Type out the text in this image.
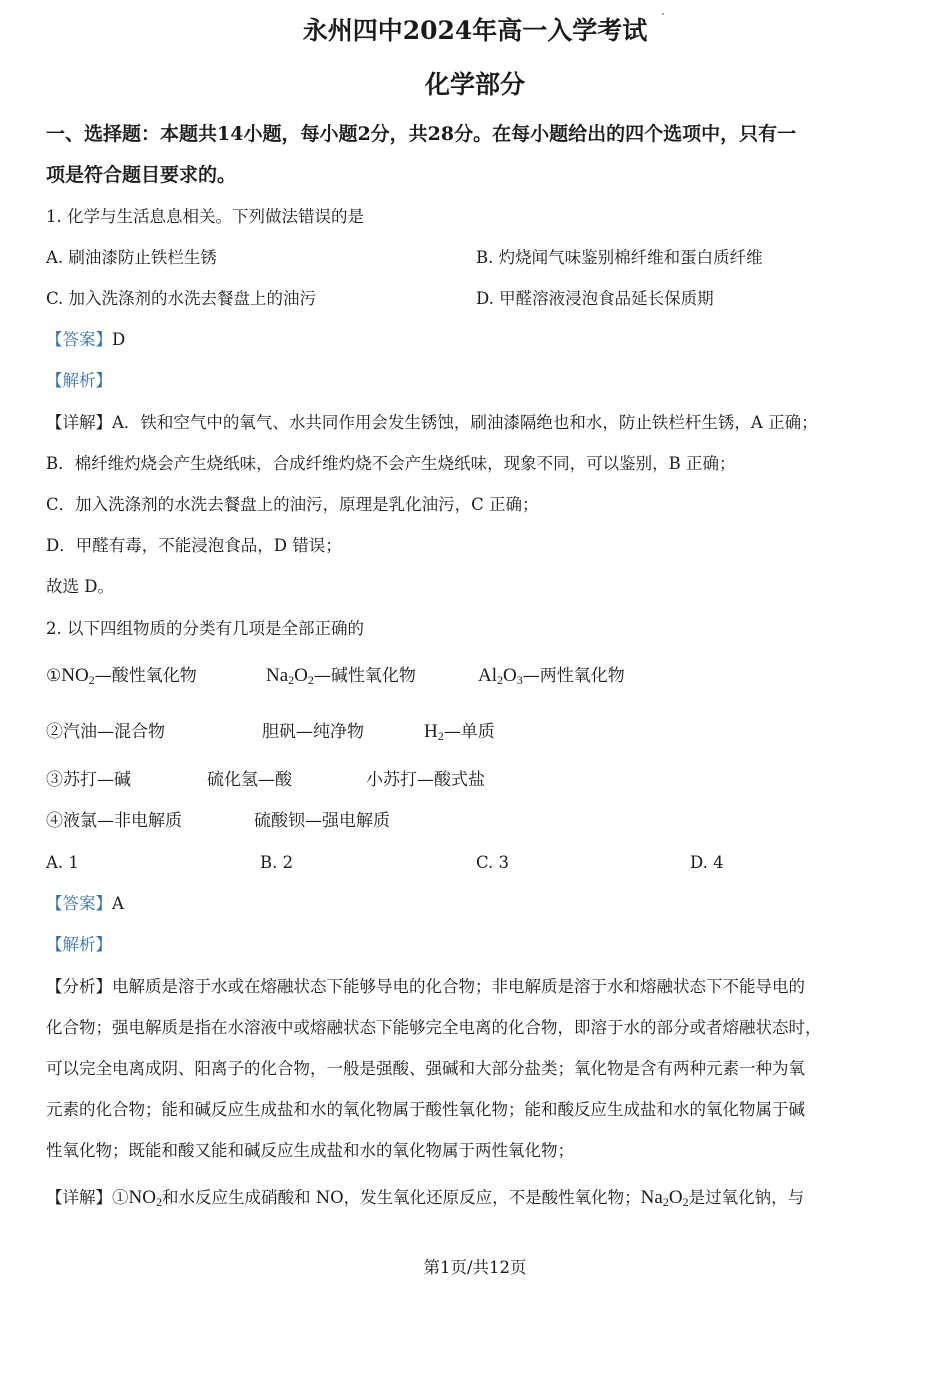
永州四中2024年高一入学考试
化学部分
一、选择题：本题共14小题，每小题2分，共28分。在每小题给出的四个选项中，只有一
项是符合题目要求的。
1. 化学与生活息息相关。下列做法错误的是
A. 刷油漆防止铁栏生锈	B. 灼烧闻气味鉴别棉纤维和蛋白质纤维
C. 加入洗涤剂的水洗去餐盘上的油污	D. 甲醛溶液浸泡食品延长保质期
【答案】D
【解析】
【详解】A．铁和空气中的氧气、水共同作用会发生锈蚀，刷油漆隔绝也和水，防止铁栏杆生锈，A 正确；
B．棉纤维灼烧会产生烧纸味，合成纤维灼烧不会产生烧纸味，现象不同，可以鉴别，B 正确；
C．加入洗涤剂的水洗去餐盘上的油污，原理是乳化油污，C 正确；
D．甲醛有毒，不能浸泡食品，D 错误；
故选 D。
2. 以下四组物质的分类有几项是全部正确的
$①NO_2—$酸性氧化物	$Na_2O_2—$碱性氧化物	$Al_2O_3—$两性氧化物
②汽油—混合物	胆矾—纯净物	$H_2—$单质
③苏打—碱	硫化氢—酸	小苏打—酸式盐
④液氯—非电解质	硫酸钡—强电解质
A. 1	B. 2	C. 3	D. 4
【答案】A
【解析】
【分析】电解质是溶于水或在熔融状态下能够导电的化合物；非电解质是溶于水和熔融状态下不能导电的
化合物；强电解质是指在水溶液中或熔融状态下能够完全电离的化合物，即溶于水的部分或者熔融状态时，
可以完全电离成阴、阳离子的化合物，一般是强酸、强碱和大部分盐类；氧化物是含有两种元素一种为氧
元素的化合物；能和碱反应生成盐和水的氧化物属于酸性氧化物；能和酸反应生成盐和水的氧化物属于碱
性氧化物；既能和酸又能和碱反应生成盐和水的氧化物属于两性氧化物；
【详解】$①NO_2$和水反应生成硝酸和 NO，发生氧化还原反应，不是酸性氧化物；$Na_2O_2$是过氧化钠，与
第1页/共12页
